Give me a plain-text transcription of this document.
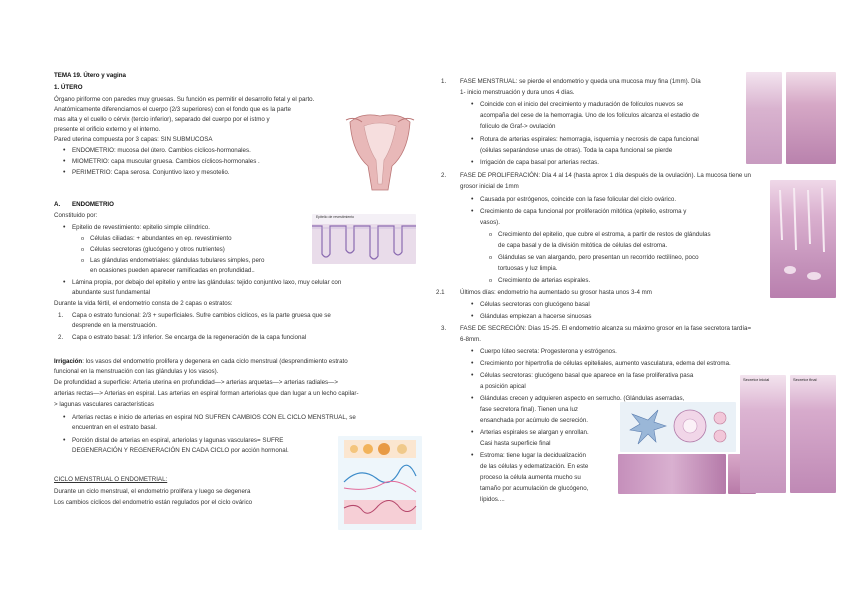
TEMA 19. Útero y vagina
1. ÚTERO
Órgano piriforme con paredes muy gruesas. Su función es permitir el desarrollo fetal y el parto.
Anatómicamente diferenciamos el cuerpo (2/3 superiores) con el fondo que es la parte
mas alta y el cuello o cérvix (tercio inferior), separado del cuerpo por el istmo y
presente el orificio externo y el interno.
Pared uterina compuesta por 3 capas: SIN SUBMUCOSA
• ENDOMETRIO: mucosa del útero. Cambios cíclicos-hormonales.
• MIOMETRIO: capa muscular gruesa. Cambios cíclicos-hormonales .
• PERIMETRIO: Capa serosa. Conjuntivo laxo y mesotelio.
A. ENDOMETRIO
Constituido por:
• Epitelio de revestimiento: epitelio simple cilíndrico.
o Células ciliadas: + abundantes en ep. revestimiento
o Células secretoras (glucógeno y otros nutrientes)
o Las glándulas endometriales: glándulas tubulares simples, pero
en ocasiones pueden aparecer ramificadas en profundidad..
Epitelio de revestimiento
• Lámina propia, por debajo del epitelio y entre las glándulas: tejido conjuntivo laxo, muy celular con
abundante sust fundamental
Durante la vida fértil, el endometrio consta de 2 capas o estratos:
1. Capa o estrato funcional: 2/3 + superficiales. Sufre cambios cíclicos, es la parte gruesa que se
desprende en la menstruación.
2. Capa o estrato basal: 1/3 inferior. Se encarga de la regeneración de la capa funcional
Irrigación: los vasos del endometrio prolifera y degenera en cada ciclo menstrual (desprendimiento estrato
funcional en la menstruación con las glándulas y los vasos).
De profundidad a superficie: Arteria uterina en profundidad—> arterias arquetas—> arterias radiales—>
arterias rectas—> Arterias en espiral. Las arterias en espiral forman arteriolas que dan lugar a un lecho capilar-
> lagunas vasculares características
• Arterias rectas e inicio de arterias en espiral NO SUFREN CAMBIOS CON EL CICLO MENSTRUAL, se
encuentran en el estrato basal.
• Porción distal de arterias en espiral, arteriolas y lagunas vasculares= SUFRE
DEGENERACIÓN Y REGENERACIÓN EN CADA CICLO por acción hormonal.
CICLO MENSTRUAL O ENDOMETRIAL:
Durante un ciclo menstrual, el endometrio prolifera y luego se degenera
Los cambios cíclicos del endometrio están regulados por el ciclo ovárico
1. FASE MENSTRUAL: se pierde el endometrio y queda una mucosa muy fina (1mm). Día
1- inicio menstruación y dura unos 4 días.
• Coincide con el inicio del crecimiento y maduración de folículos nuevos se
acompaña del cese de la hemorragia. Uno de los folículos alcanza el estadio de
folículo de Graf-> ovulación
• Rotura de arterias espirales: hemorragia, isquemia y necrosis de capa funcional
(células separándose unas de otras). Toda la capa funcional se pierde
• Irrigación de capa basal por arterias rectas.
2. FASE DE PROLIFERACIÓN: Día 4 al 14 (hasta aprox 1 día después de la ovulación). La mucosa tiene un
grosor inicial de 1mm
• Causada por estrógenos, coincide con la fase folicular del ciclo ovárico.
• Crecimiento de capa funcional por proliferación mitótica (epitelio, estroma y
vasos).
o Crecimiento del epitelio, que cubre el estroma, a partir de restos de glándulas
de capa basal y de la división mitótica de células del estroma.
o Glándulas se van alargando, pero presentan un recorrido rectilíneo, poco
tortuosas y luz limpia.
o Crecimiento de arterias espirales.
2.1 Últimos días: endometrio ha aumentado su grosor hasta unos 3-4 mm
• Células secretoras con glucógeno basal
• Glándulas empiezan a hacerse sinuosas
3. FASE DE SECRECIÓN: Días 15-25. El endometrio alcanza su máximo grosor en la fase secretora tardía=
6-8mm.
• Cuerpo lúteo secreta: Progesterona y estrógenos.
• Crecimiento por hipertrofia de células epiteliales, aumento vasculatura, edema del estroma.
• Células secretoras: glucógeno basal que aparece en la fase proliferativa pasa
a posición apical
• Glándulas crecen y adquieren aspecto en serrucho. (Glándulas aserradas,
fase secretora final). Tienen una luz
ensanchada por acúmulo de secreción.
• Arterias espirales se alargan y enrollan.
Casi hasta superficie final
• Estroma: tiene lugar la decidualización
de las células y edematización. En este
proceso la célula aumenta mucho su
tamaño por acumulación de glucógeno,
lípidos....
Secretor inicial	Secretor final
